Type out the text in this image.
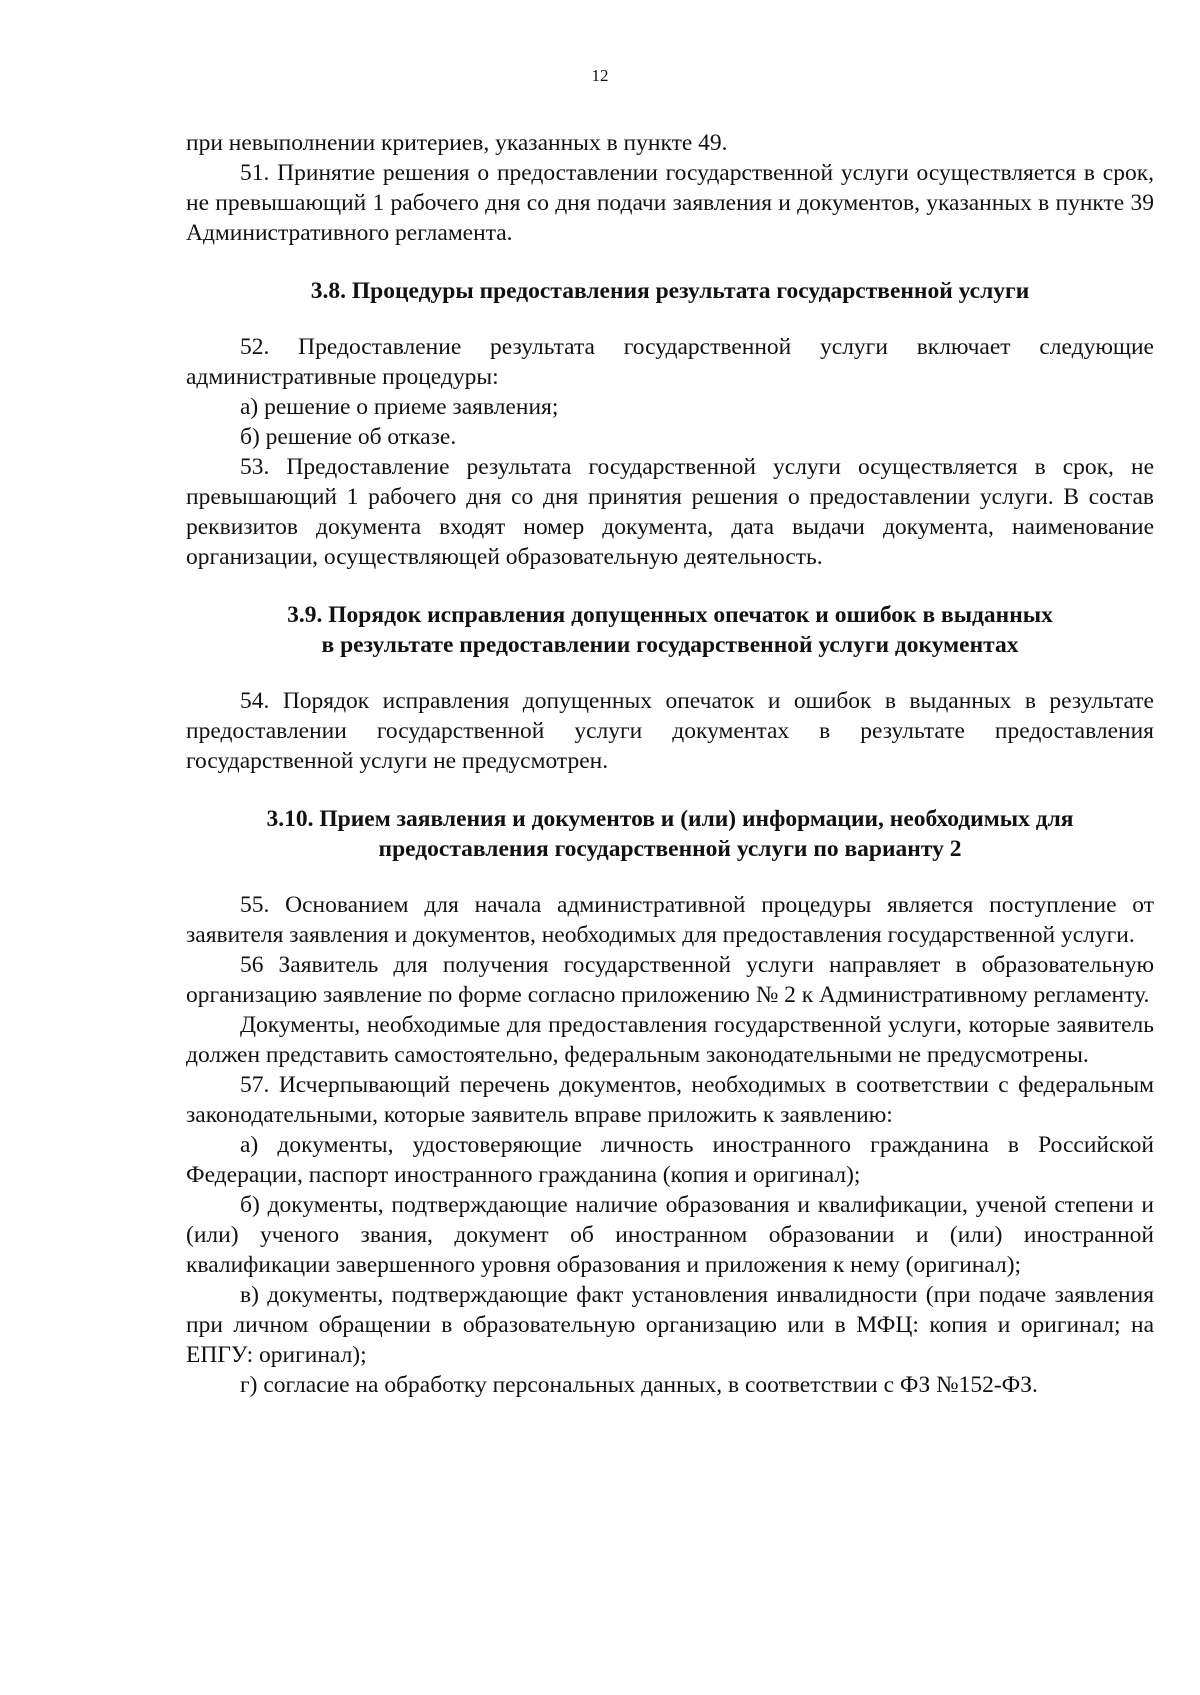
12

при невыполнении критериев, указанных в пункте 49.

51. Принятие решения о предоставлении государственной услуги осуществляется в срок, не превышающий 1 рабочего дня со дня подачи заявления и документов, указанных в пункте 39 Административного регламента.

3.8. Процедуры предоставления результата государственной услуги

52. Предоставление результата государственной услуги включает следующие административные процедуры:

а) решение о приеме заявления;

б) решение об отказе.

53. Предоставление результата государственной услуги осуществляется в срок, не превышающий 1 рабочего дня со дня принятия решения о предоставлении услуги. В состав реквизитов документа входят номер документа, дата выдачи документа, наименование организации, осуществляющей образовательную деятельность.

3.9. Порядок исправления допущенных опечаток и ошибок в выданных
в результате предоставлении государственной услуги документах

54. Порядок исправления допущенных опечаток и ошибок в выданных в результате предоставлении государственной услуги документах в результате предоставления государственной услуги не предусмотрен.

3.10. Прием заявления и документов и (или) информации, необходимых для
предоставления государственной услуги по варианту 2

55. Основанием для начала административной процедуры является поступление от заявителя заявления и документов, необходимых для предоставления государственной услуги.

56 Заявитель для получения государственной услуги направляет в образовательную организацию заявление по форме согласно приложению № 2 к Административному регламенту.

Документы, необходимые для предоставления государственной услуги, которые заявитель должен представить самостоятельно, федеральным законодательными не предусмотрены.

57. Исчерпывающий перечень документов, необходимых в соответствии с федеральным законодательными, которые заявитель вправе приложить к заявлению:

а) документы, удостоверяющие личность иностранного гражданина в Российской Федерации, паспорт иностранного гражданина (копия и оригинал);

б) документы, подтверждающие наличие образования и квалификации, ученой степени и (или) ученого звания, документ об иностранном образовании и (или) иностранной квалификации завершенного уровня образования и приложения к нему (оригинал);

в) документы, подтверждающие факт установления инвалидности (при подаче заявления при личном обращении в образовательную организацию или в МФЦ: копия и оригинал; на ЕПГУ: оригинал);

г) согласие на обработку персональных данных, в соответствии с ФЗ №152-ФЗ.
